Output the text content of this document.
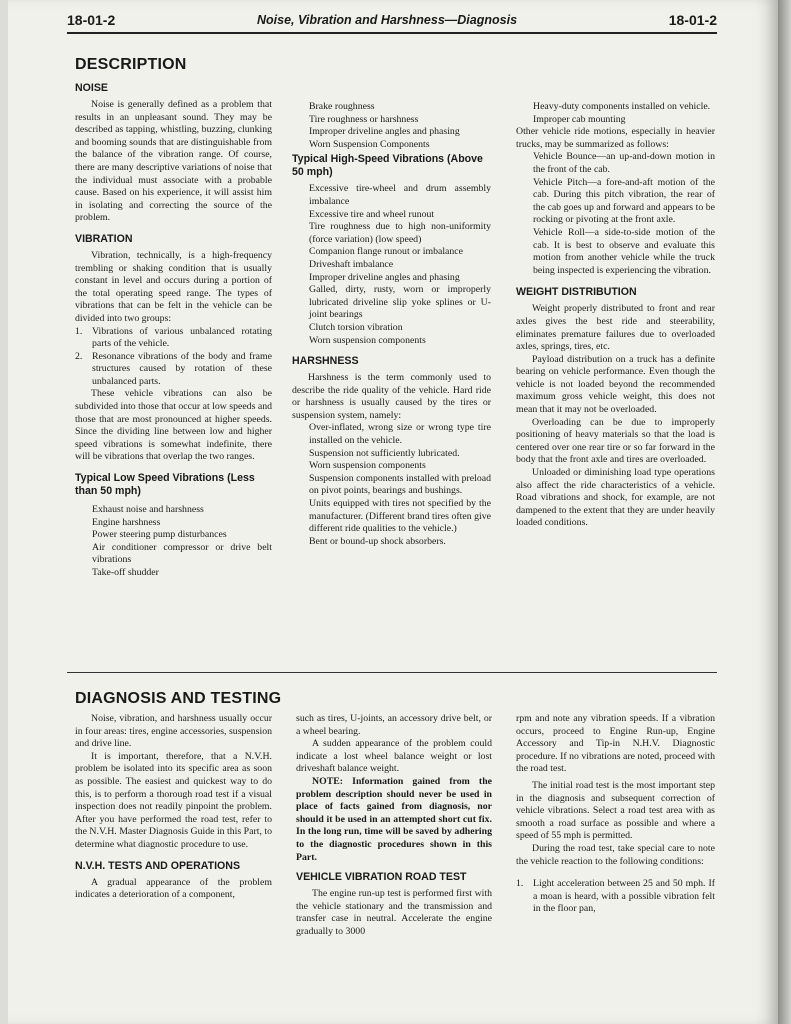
18-01-2	Noise, Vibration and Harshness—Diagnosis	18-01-2
DESCRIPTION
NOISE

Noise is generally defined as a problem that results in an unpleasant sound. They may be described as tapping, whistling, buzzing, clunking and booming sounds that are distinguishable from the balance of the vibration range. Of course, there are many descriptive variations of noise that the individual must associate with a probable cause. Based on his experience, it will assist him in isolating and correcting the source of the problem.

VIBRATION

Vibration, technically, is a high-frequency trembling or shaking condition that is usually constant in level and occurs during a portion of the total operating speed range. The types of vibrations that can be felt in the vehicle can be divided into two groups:

1. Vibrations of various unbalanced rotating parts of the vehicle.
2. Resonance vibrations of the body and frame structures caused by rotation of these unbalanced parts.

These vehicle vibrations can also be subdivided into those that occur at low speeds and those that are most pronounced at higher speeds. Since the dividing line between low and higher speed vibrations is somewhat indefinite, there will be vibrations that overlap the two ranges.

Typical Low Speed Vibrations (Less than 50 mph)
Exhaust noise and harshness
Engine harshness
Power steering pump disturbances
Air conditioner compressor or drive belt vibrations
Take-off shudder
Brake roughness
Tire roughness or harshness
Improper driveline angles and phasing
Worn Suspension Components
Typical High-Speed Vibrations (Above 50 mph)
Excessive tire-wheel and drum assembly imbalance
Excessive tire and wheel runout
Tire roughness due to high non-uniformity (force variation) (low speed)
Companion flange runout or imbalance
Driveshaft imbalance
Improper driveline angles and phasing
Galled, dirty, rusty, worn or improperly lubricated driveline slip yoke splines or U-joint bearings
Clutch torsion vibration
Worn suspension components
HARSHNESS

Harshness is the term commonly used to describe the ride quality of the vehicle. Hard ride or harshness is usually caused by the tires or suspension system, namely:

Over-inflated, wrong size or wrong type tire installed on the vehicle.
Suspension not sufficiently lubricated.
Worn suspension components
Suspension components installed with preload on pivot points, bearings and bushings.
Units equipped with tires not specified by the manufacturer. (Different brand tires often give different ride qualities to the vehicle.)
Bent or bound-up shock absorbers.
Heavy-duty components installed on vehicle.
Improper cab mounting

Other vehicle ride motions, especially in heavier trucks, may be summarized as follows:

Vehicle Bounce—an up-and-down motion in the front of the cab.
Vehicle Pitch—a fore-and-aft motion of the cab. During this pitch vibration, the rear of the cab goes up and forward and appears to be rocking or pivoting at the front axle.
Vehicle Roll—a side-to-side motion of the cab. It is best to observe and evaluate this motion from another vehicle while the truck being inspected is experiencing the vibration.
WEIGHT DISTRIBUTION

Weight properly distributed to front and rear axles gives the best ride and steerability, eliminates premature failures due to overloaded axles, springs, tires, etc.

Payload distribution on a truck has a definite bearing on vehicle performance. Even though the vehicle is not loaded beyond the recommended maximum gross vehicle weight, this does not mean that it may not be overloaded.

Overloading can be due to improperly positioning of heavy materials so that the load is centered over one rear tire or so far forward in the body that the front axle and tires are overloaded.

Unloaded or diminishing load type operations also affect the ride characteristics of a vehicle. Road vibrations and shock, for example, are not dampened to the extent that they are under heavily loaded conditions.

DIAGNOSIS AND TESTING

Noise, vibration, and harshness usually occur in four areas: tires, engine accessories, suspension and drive line.

It is important, therefore, that a N.V.H. problem be isolated into its specific area as soon as possible. The easiest and quickest way to do this, is to perform a thorough road test if a visual inspection does not readily pinpoint the problem. After you have performed the road test, refer to the N.V.H. Master Diagnosis Guide in this Part, to determine what diagnostic procedure to use.

N.V.H. TESTS AND OPERATIONS

A gradual appearance of the problem indicates a deterioration of a component,

such as tires, U-joints, an accessory drive belt, or a wheel bearing.

A sudden appearance of the problem could indicate a lost wheel balance weight or lost driveshaft balance weight.

NOTE: Information gained from the problem description should never be used in place of facts gained from diagnosis, nor should it be used in an attempted short cut fix. In the long run, time will be saved by adhering to the diagnostic procedures shown in this Part.

VEHICLE VIBRATION ROAD TEST

The engine run-up test is performed first with the vehicle stationary and the transmission and transfer case in neutral. Accelerate the engine gradually to 3000

rpm and note any vibration speeds. If a vibration occurs, proceed to Engine Run-up, Engine Accessory and Tip-in N.H.V. Diagnostic procedure. If no vibrations are noted, proceed with the road test.

The initial road test is the most important step in the diagnosis and subsequent correction of vehicle vibrations. Select a road test area with as smooth a road surface as possible and where a speed of 55 mph is permitted.

During the road test, take special care to note the vehicle reaction to the following conditions:

1. Light acceleration between 25 and 50 mph. If a moan is heard, with a possible vibration felt in the floor pan,
